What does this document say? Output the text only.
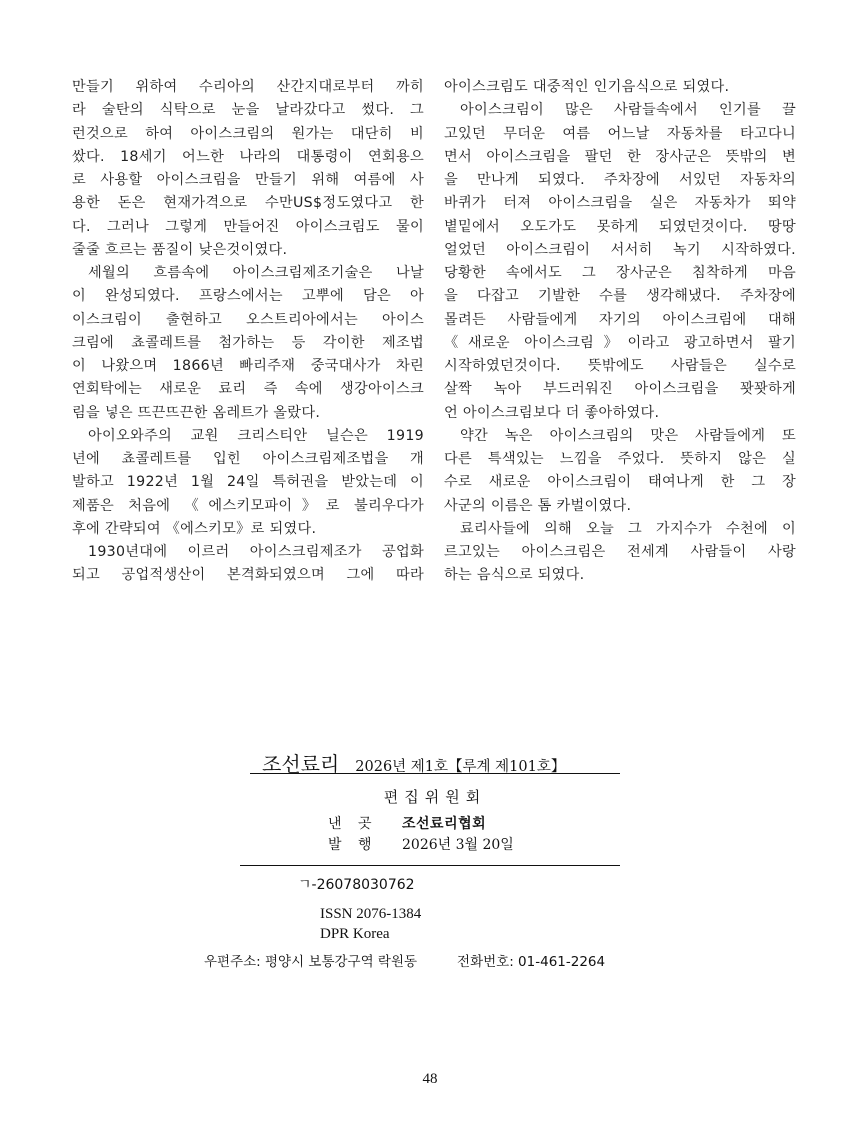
만들기 위하여 수리아의 산간지대로부터 까히
라 술탄의 식탁으로 눈을 날라갔다고 썼다. 그
런것으로 하여 아이스크림의 원가는 대단히 비
쌌다. 18세기 어느한 나라의 대통령이 연회용으
로 사용할 아이스크림을 만들기 위해 여름에 사
용한 돈은 현재가격으로 수만US$정도였다고 한
다. 그러나 그렇게 만들어진 아이스크림도 물이
줄줄 흐르는 품질이 낮은것이였다.
세월의 흐름속에 아이스크림제조기술은 나날
이 완성되였다. 프랑스에서는 고뿌에 담은 아
이스크림이 출현하고 오스트리아에서는 아이스
크림에 쵸콜레트를 첨가하는 등 각이한 제조법
이 나왔으며 1866년 빠리주재 중국대사가 차린
연회탁에는 새로운 료리 즉 속에 생강아이스크
림을 넣은 뜨끈뜨끈한 옴레트가 올랐다.
아이오와주의 교원 크리스티안 닐슨은 1919
년에 쵸콜레트를 입힌 아이스크림제조법을 개
발하고 1922년 1월 24일 특허권을 받았는데 이
제품은 처음에 《에스키모파이》로 불리우다가
후에 간략되여 《에스키모》로 되였다.
1930년대에 이르러 아이스크림제조가 공업화
되고 공업적생산이 본격화되였으며 그에 따라
아이스크림도 대중적인 인기음식으로 되였다.
아이스크림이 많은 사람들속에서 인기를 끌
고있던 무더운 여름 어느날 자동차를 타고다니
면서 아이스크림을 팔던 한 장사군은 뜻밖의 변
을 만나게 되였다. 주차장에 서있던 자동차의
바퀴가 터져 아이스크림을 실은 자동차가 뙤약
볕밑에서 오도가도 못하게 되였던것이다. 땅땅
얼었던 아이스크림이 서서히 녹기 시작하였다.
당황한 속에서도 그 장사군은 침착하게 마음
을 다잡고 기발한 수를 생각해냈다. 주차장에
몰려든 사람들에게 자기의 아이스크림에 대해
《새로운 아이스크림》이라고 광고하면서 팔기
시작하였던것이다. 뜻밖에도 사람들은 실수로
살짝 녹아 부드러워진 아이스크림을 꽛꽛하게
언 아이스크림보다 더 좋아하였다.
약간 녹은 아이스크림의 맛은 사람들에게 또
다른 특색있는 느낌을 주었다. 뜻하지 않은 실
수로 새로운 아이스크림이 태여나게 한 그 장
사군의 이름은 톰 카벌이였다.
료리사들에 의해 오늘 그 가지수가 수천에 이
르고있는 아이스크림은 전세계 사람들이 사랑
하는 음식으로 되였다.
조선료리 2026년 제1호【루계 제101호】
편집위원회
낸 곳	조선료리협회
발 행	2026년 3월 20일
ㄱ-26078030762
ISSN 2076-1384
DPR Korea
우편주소: 평양시 보통강구역 락원동	전화번호: 01-461-2264
48
